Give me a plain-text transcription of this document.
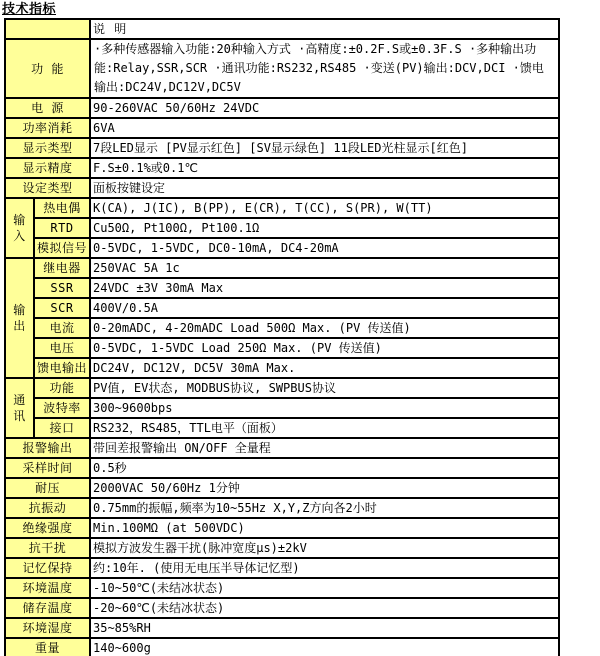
技术指标
		说 明
功 能		·多种传感器输入功能:20种输入方式 ·高精度:±0.2F.S或±0.3F.S ·多种输出功能:Relay,SSR,SCR ·通讯功能:RS232,RS485 ·变送(PV)输出:DCV,DCI ·馈电输出:DC24V,DC12V,DC5V
电 源		90-260VAC 50/60Hz 24VDC
功率消耗		6VA
显示类型		7段LED显示 [PV显示红色] [SV显示绿色] 11段LED光柱显示[红色]
显示精度		F.S±0.1%或0.1℃
设定类型		面板按键设定
输入	热电偶	K(CA), J(IC), B(PP), E(CR), T(CC), S(PR), W(TT)
	RTD	Cu50Ω, Pt100Ω, Pt100.1Ω
	模拟信号	0-5VDC, 1-5VDC, DC0-10mA, DC4-20mA
输出	继电器	250VAC 5A 1c
	SSR	24VDC ±3V 30mA Max
	SCR	400V/0.5A
	电流	0-20mADC, 4-20mADC Load 500Ω Max. (PV 传送值)
	电压	0-5VDC, 1-5VDC Load 250Ω Max. (PV 传送值)
	馈电输出	DC24V, DC12V, DC5V 30mA Max.
通讯	功能	PV值, EV状态, MODBUS协议, SWPBUS协议
	波特率	300~9600bps
	接口	RS232，RS485，TTL电平（面板）
报警输出		带回差报警输出 ON/OFF 全量程
采样时间		0.5秒
耐压		2000VAC 50/60Hz 1分钟
抗振动		0.75mm的振幅,频率为10~55Hz X,Y,Z方向各2小时
绝缘强度		Min.100MΩ (at 500VDC)
抗干扰		模拟方波发生器干扰(脉冲宽度μs)±2kV
记忆保持		约:10年. (使用无电压半导体记忆型)
环境温度		-10~50℃(未结冰状态)
储存温度		-20~60℃(未结冰状态)
环境湿度		35~85%RH
重量		140~600g
